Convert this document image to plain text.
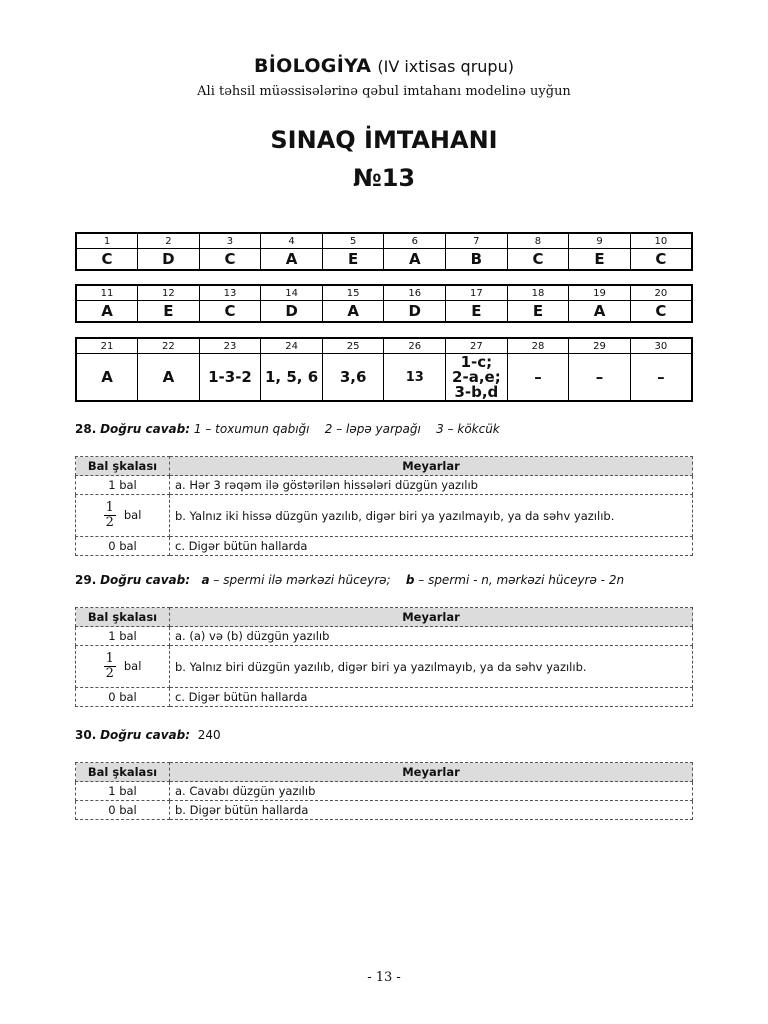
BİOLOGİYA (IV ixtisas qrupu)
Ali təhsil müəssisələrinə qəbul imtahanı modelinə uyğun
SINAQ İMTAHANI
№13
1	2	3	4	5	6	7	8	9	10
C	D	C	A	E	A	B	C	E	C
11	12	13	14	15	16	17	18	19	20
A	E	C	D	A	D	E	E	A	C
21	22	23	24	25	26	27	28	29	30
A	A	1-3-2	1, 5, 6	3,6	13	1-c;
2-a,e;
3-b,d	–	–	–
28. Doğru cavab: 1 – toxumun qabığı    2 – ləpə yarpağı    3 – kökcük
Bal şkalası	Meyarlar
1 bal	a. Hər 3 rəqəm ilə göstərilən hissələri düzgün yazılıb

$\frac{1}{2}$ bal	b. Yalnız iki hissə düzgün yazılıb, digər biri ya yazılmayıb, ya da səhv yazılıb.
0 bal	c. Digər bütün hallarda
29. Doğru cavab: a – spermi ilə mərkəzi hüceyrə; b – spermi - n, mərkəzi hüceyrə - 2n
Bal şkalası	Meyarlar
1 bal	a. (a) və (b) düzgün yazılıb

$\frac{1}{2}$ bal	b. Yalnız biri düzgün yazılıb, digər biri ya yazılmayıb, ya da səhv yazılıb.
0 bal	c. Digər bütün hallarda
30. Doğru cavab: 240
Bal şkalası	Meyarlar
1 bal	a. Cavabı düzgün yazılıb
0 bal	b. Digər bütün hallarda
- 13 -
